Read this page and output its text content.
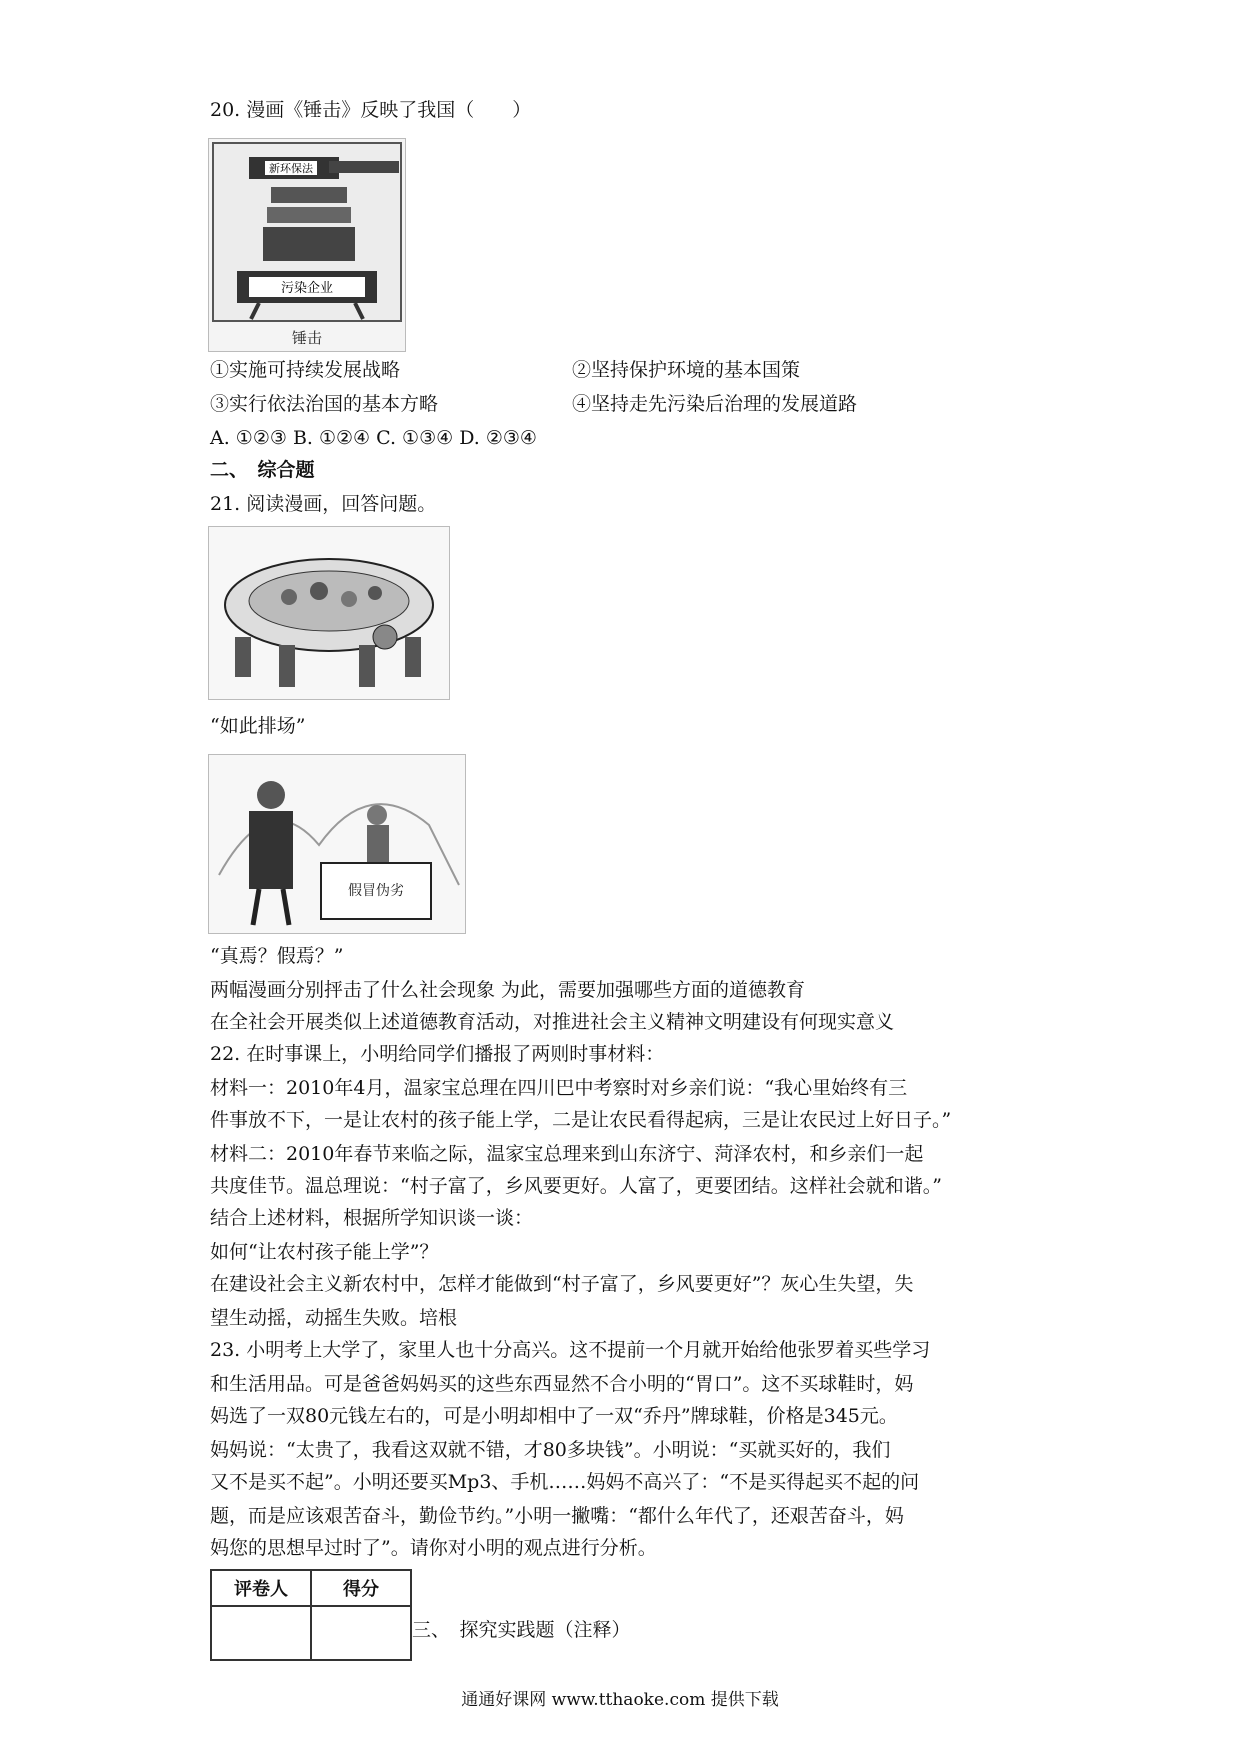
20. 漫画《锤击》反映了我国（　　）
新环保法
污染企业
锤击
①实施可持续发展战略	②坚持保护环境的基本国策
③实行依法治国的基本方略	④坚持走先污染后治理的发展道路
A. ①②③ B. ①②④ C. ①③④ D. ②③④
二、　综合题
21. 阅读漫画，回答问题。
“如此排场”
假冒伪劣
“真焉？假焉？”
两幅漫画分别抨击了什么社会现象 为此，需要加强哪些方面的道德教育
在全社会开展类似上述道德教育活动，对推进社会主义精神文明建设有何现实意义
22. 在时事课上，小明给同学们播报了两则时事材料：
材料一：2010年4月，温家宝总理在四川巴中考察时对乡亲们说：“我心里始终有三
件事放不下，一是让农村的孩子能上学，二是让农民看得起病，三是让农民过上好日子。”
材料二：2010年春节来临之际，温家宝总理来到山东济宁、菏泽农村，和乡亲们一起
共度佳节。温总理说：“村子富了，乡风要更好。人富了，更要团结。这样社会就和谐。”
结合上述材料，根据所学知识谈一谈：
如何“让农村孩子能上学”？
在建设社会主义新农村中，怎样才能做到“村子富了，乡风要更好”？灰心生失望，失
望生动摇，动摇生失败。培根
23. 小明考上大学了，家里人也十分高兴。这不提前一个月就开始给他张罗着买些学习
和生活用品。可是爸爸妈妈买的这些东西显然不合小明的“胃口”。这不买球鞋时，妈
妈选了一双80元钱左右的，可是小明却相中了一双“乔丹”牌球鞋，价格是345元。
妈妈说：“太贵了，我看这双就不错，才80多块钱”。小明说：“买就买好的，我们
又不是买不起”。小明还要买Mp3、手机……妈妈不高兴了：“不是买得起买不起的问
题，而是应该艰苦奋斗，勤俭节约。”小明一撇嘴：“都什么年代了，还艰苦奋斗，妈
妈您的思想早过时了”。请你对小明的观点进行分析。
评卷人	得分

三、　探究实践题（注释）
通通好课网 www.tthaoke.com 提供下载
